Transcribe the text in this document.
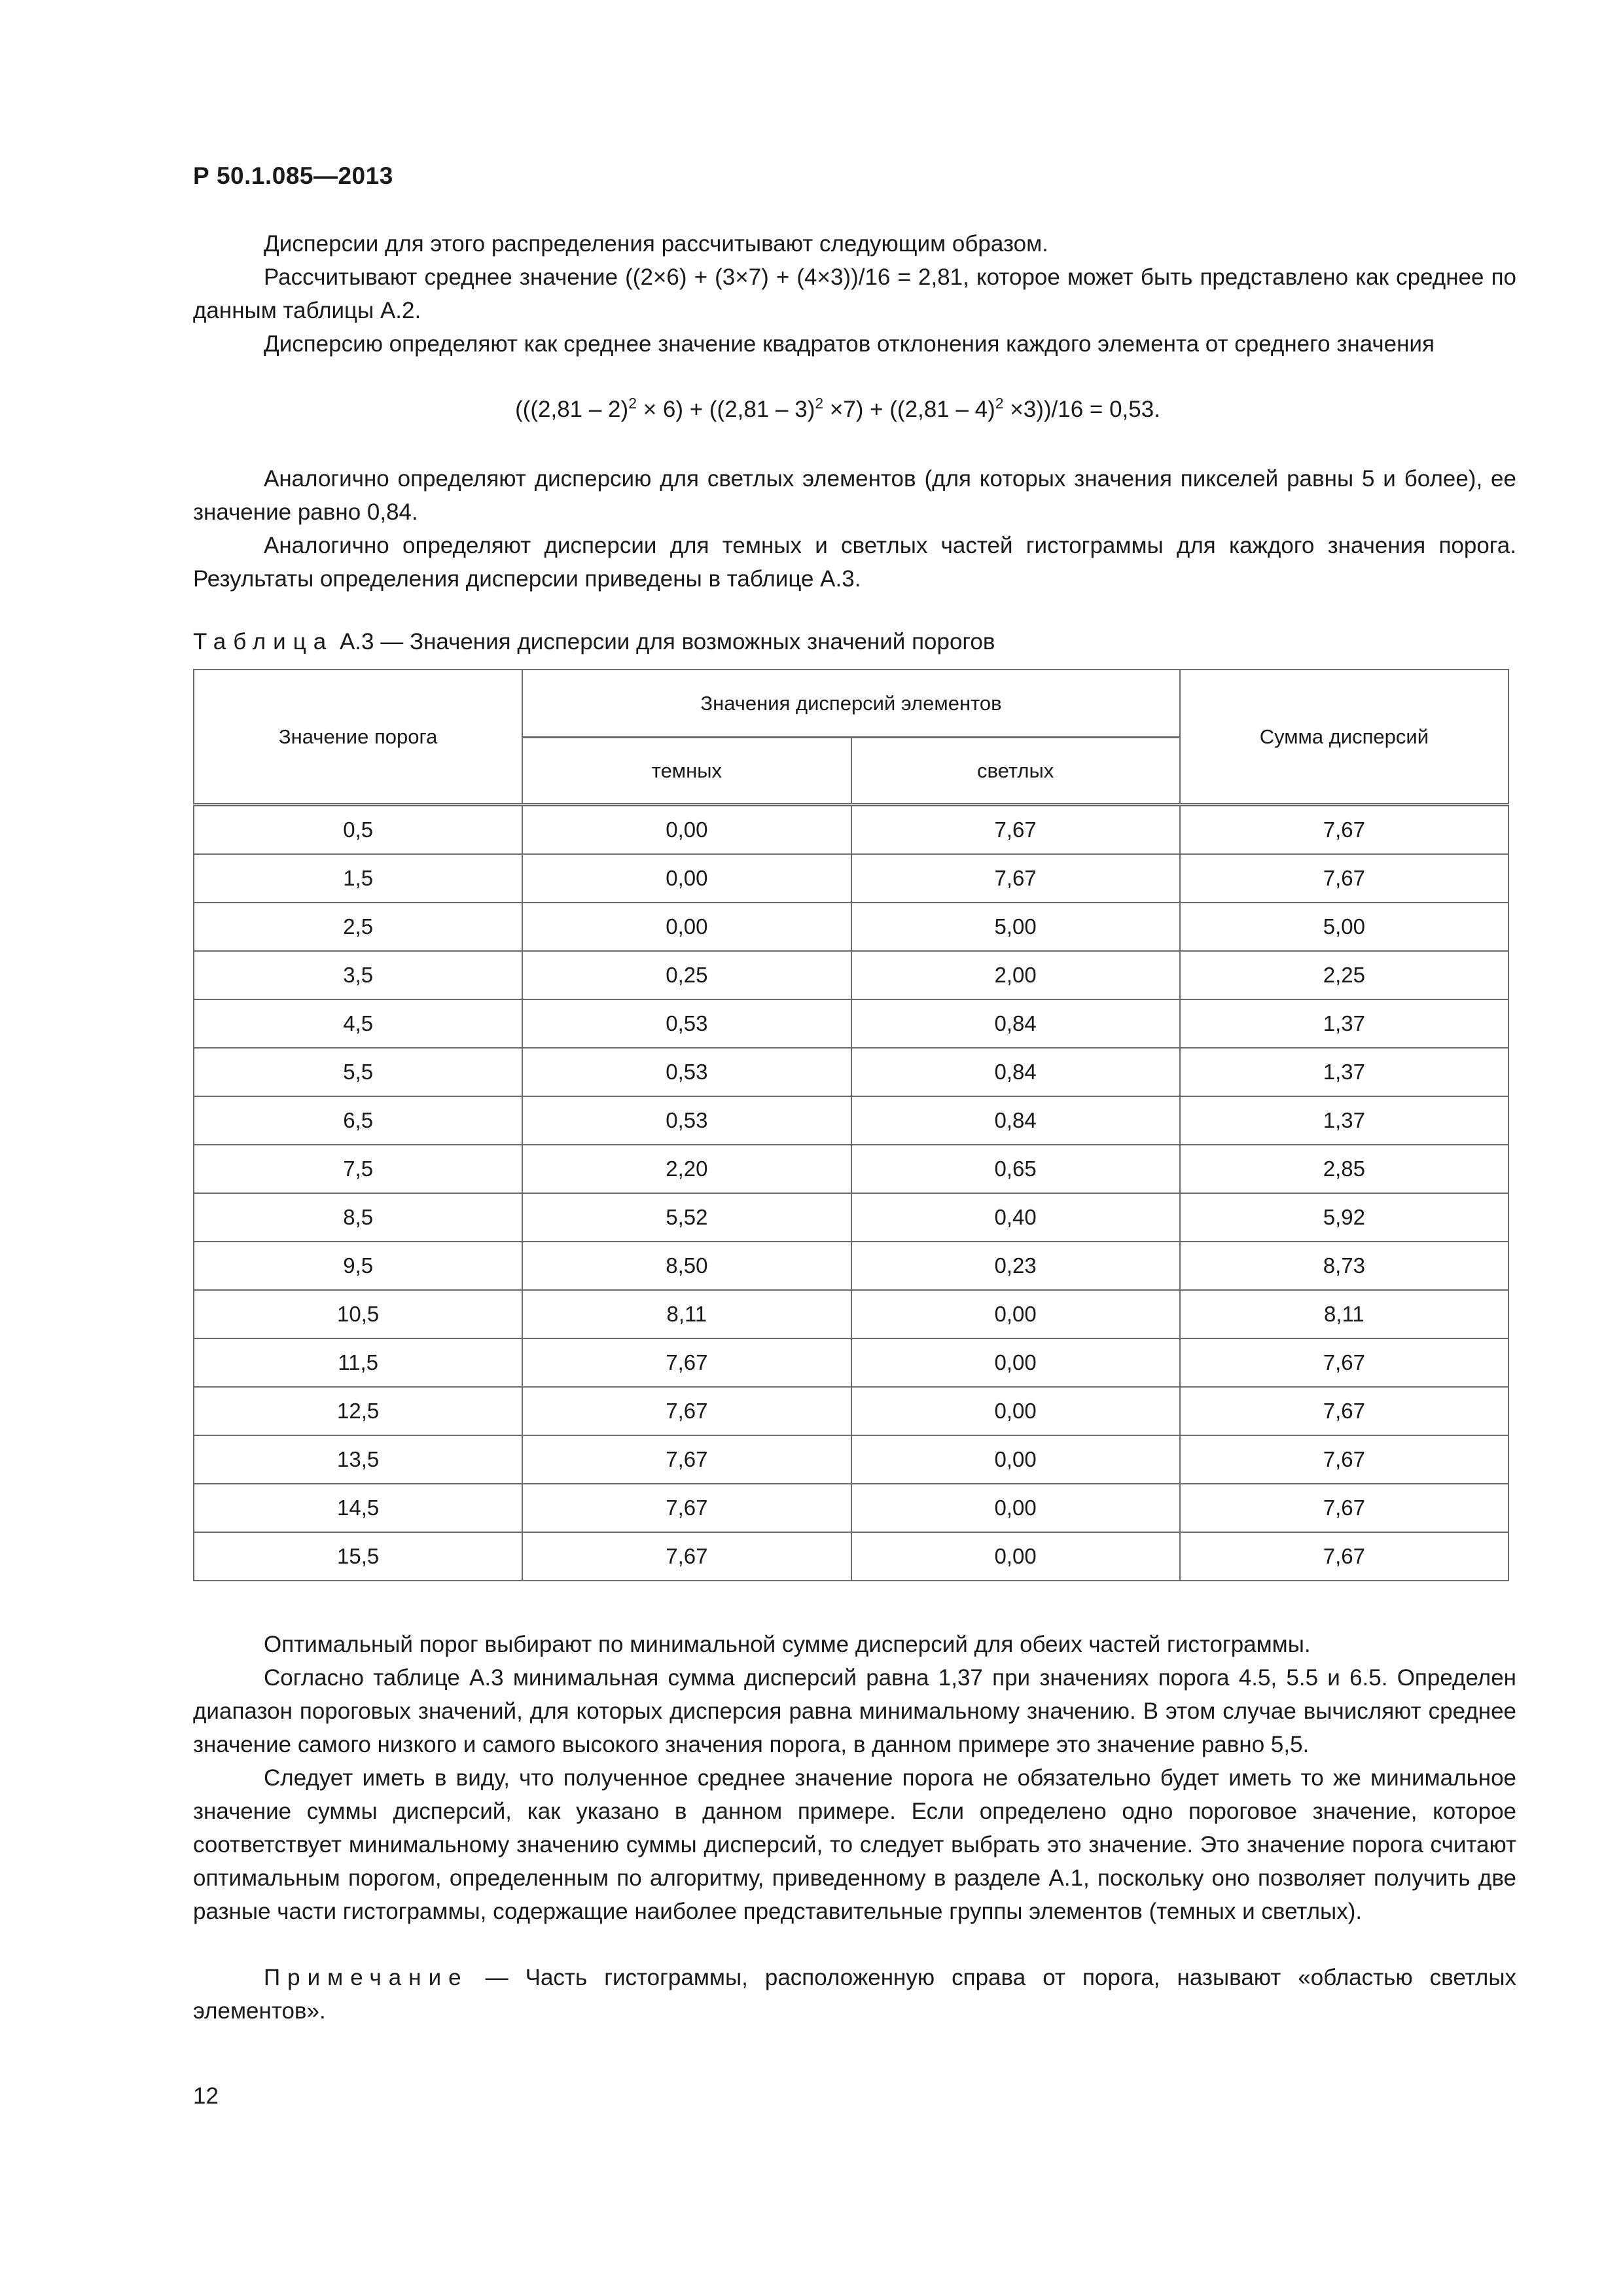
Р 50.1.085—2013

Дисперсии для этого распределения рассчитывают следующим образом.

Рассчитывают среднее значение ((2×6) + (3×7) + (4×3))/16 = 2,81, которое может быть представлено как среднее по данным таблицы А.2.

Дисперсию определяют как среднее значение квадратов отклонения каждого элемента от среднего значения

(((2,81 – 2)$^2$ × 6) + ((2,81 – 3)$^2$ ×7) + ((2,81 – 4)$^2$ ×3))/16 = 0,53.

Аналогично определяют дисперсию для светлых элементов (для которых значения пикселей равны 5 и более), ее значение равно 0,84.

Аналогично определяют дисперсии для темных и светлых частей гистограммы для каждого значения порога. Результаты определения дисперсии приведены в таблице А.3.

Таблица А.3 — Значения дисперсии для возможных значений порогов
Значение порога	Значения дисперсий элементов		Сумма дисперсий
	темных	светлых	
0,5	0,00	7,67	7,67
1,5	0,00	7,67	7,67
2,5	0,00	5,00	5,00
3,5	0,25	2,00	2,25
4,5	0,53	0,84	1,37
5,5	0,53	0,84	1,37
6,5	0,53	0,84	1,37
7,5	2,20	0,65	2,85
8,5	5,52	0,40	5,92
9,5	8,50	0,23	8,73
10,5	8,11	0,00	8,11
11,5	7,67	0,00	7,67
12,5	7,67	0,00	7,67
13,5	7,67	0,00	7,67
14,5	7,67	0,00	7,67
15,5	7,67	0,00	7,67

Оптимальный порог выбирают по минимальной сумме дисперсий для обеих частей гистограммы.

Согласно таблице А.3 минимальная сумма дисперсий равна 1,37 при значениях порога 4.5, 5.5 и 6.5. Определен диапазон пороговых значений, для которых дисперсия равна минимальному значению. В этом случае вычисляют среднее значение самого низкого и самого высокого значения порога, в данном примере это значение равно 5,5.

Следует иметь в виду, что полученное среднее значение порога не обязательно будет иметь то же минимальное значение суммы дисперсий, как указано в данном примере. Если определено одно пороговое значение, которое соответствует минимальному значению суммы дисперсий, то следует выбрать это значение. Это значение порога считают оптимальным порогом, определенным по алгоритму, приведенному в разделе А.1, поскольку оно позволяет получить две разные части гистограммы, содержащие наиболее представительные группы элементов (темных и светлых).

Примечание — Часть гистограммы, расположенную справа от порога, называют «областью светлых элементов».

12
